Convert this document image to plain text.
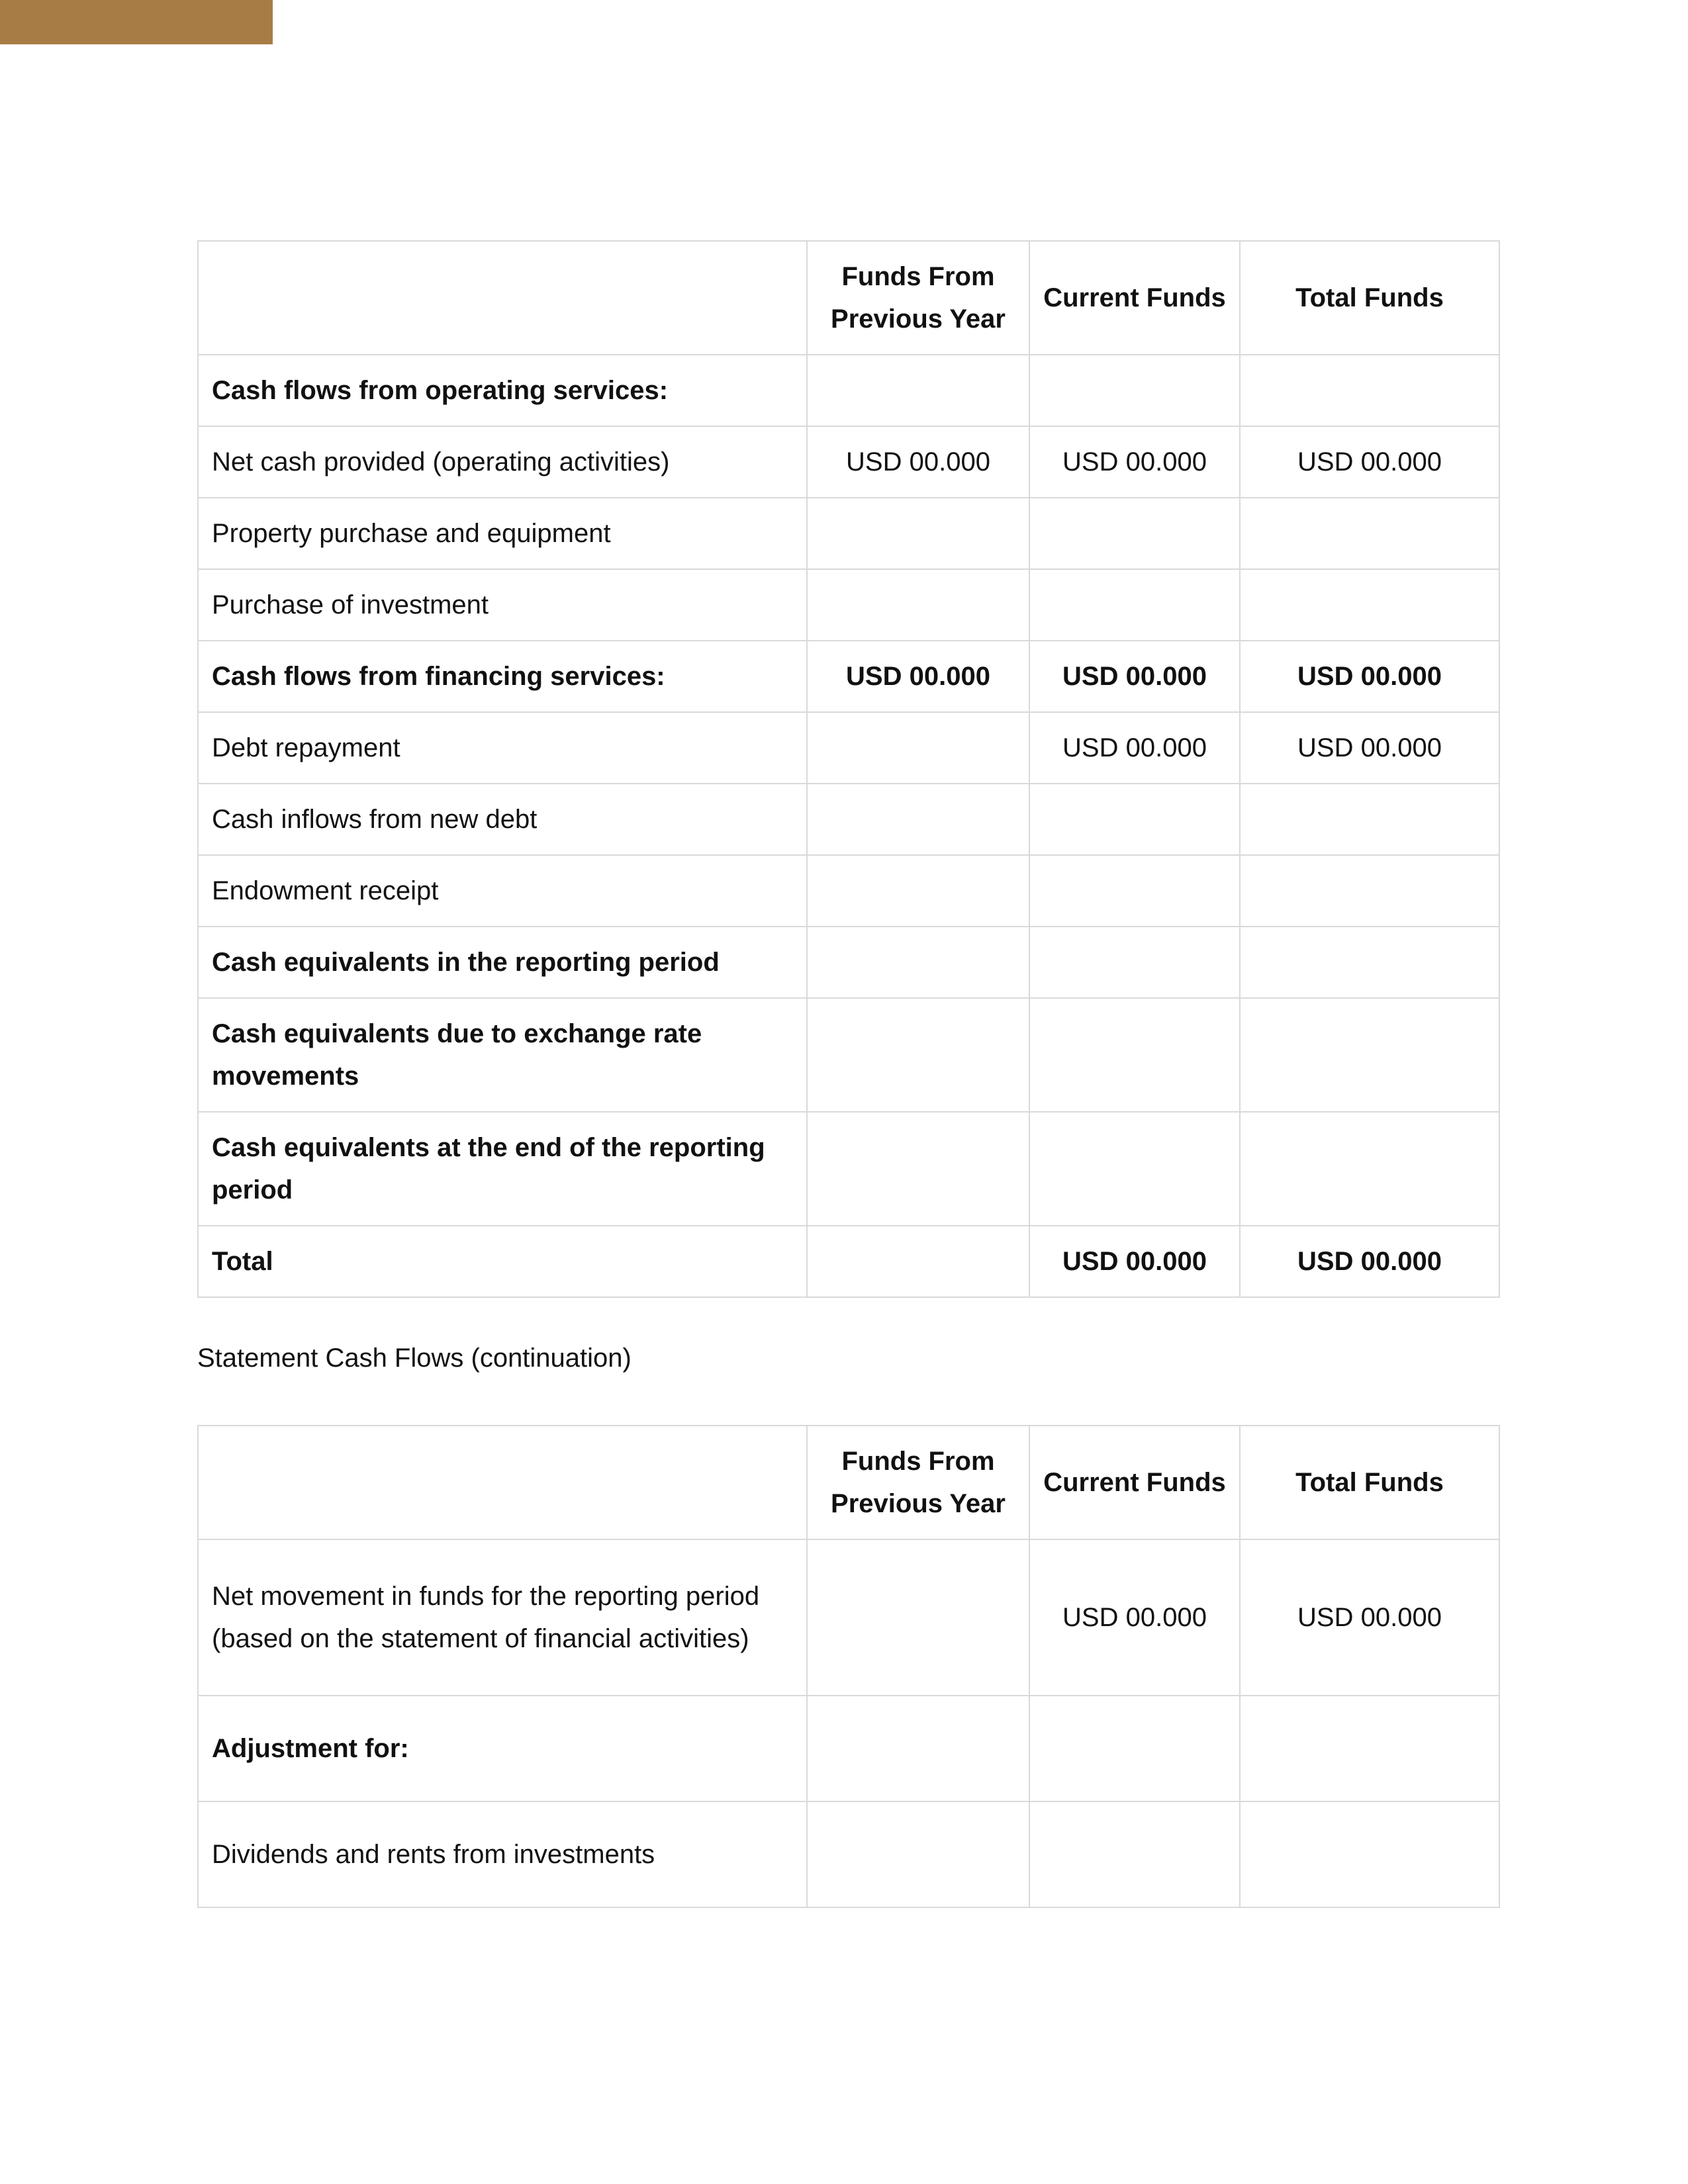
	Funds From Previous Year	Current Funds	Total Funds
Cash flows from operating services:			
Net cash provided (operating activities)	USD 00.000	USD 00.000	USD 00.000
Property purchase and equipment			
Purchase of investment			
Cash flows from financing services:	USD 00.000	USD 00.000	USD 00.000
Debt repayment		USD 00.000	USD 00.000
Cash inflows from new debt			
Endowment receipt			
Cash equivalents in the reporting period			
Cash equivalents due to exchange rate movements			
Cash equivalents at the end of the reporting period			
Total		USD 00.000	USD 00.000

Statement Cash Flows (continuation)

	Funds From Previous Year	Current Funds	Total Funds
Net movement in funds for the reporting period (based on the statement of financial activities)		USD 00.000	USD 00.000
Adjustment for:			
Dividends and rents from investments			
